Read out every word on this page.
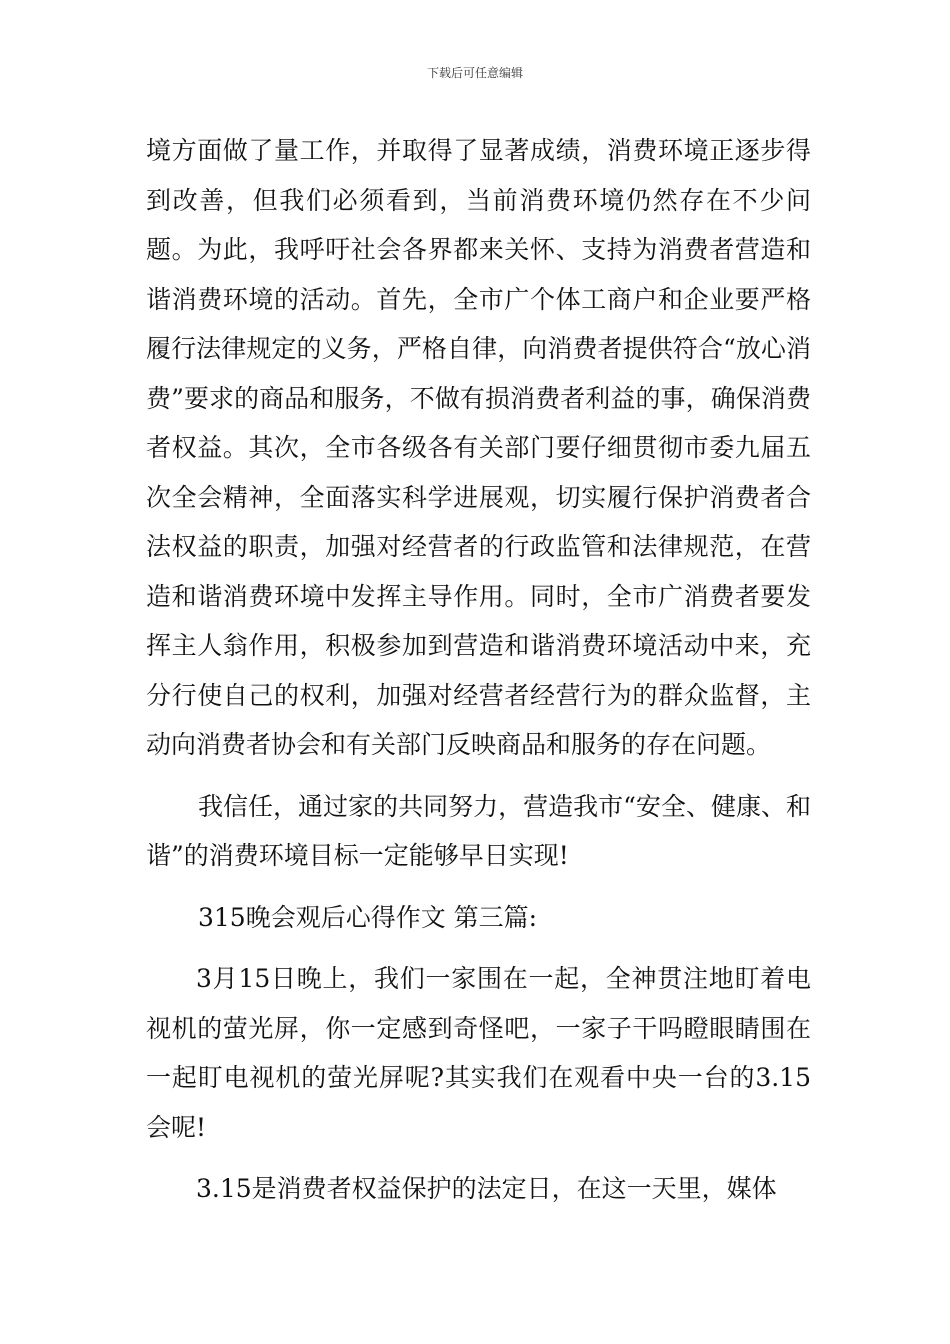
下载后可任意编辑

境方面做了量工作，并取得了显著成绩，消费环境正逐步得到改善，但我们必须看到，当前消费环境仍然存在不少问题。为此，我呼吁社会各界都来关怀、支持为消费者营造和谐消费环境的活动。首先，全市广个体工商户和企业要严格履行法律规定的义务，严格自律，向消费者提供符合“放心消费”要求的商品和服务，不做有损消费者利益的事，确保消费者权益。其次，全市各级各有关部门要仔细贯彻市委九届五次全会精神，全面落实科学进展观，切实履行保护消费者合法权益的职责，加强对经营者的行政监管和法律规范，在营造和谐消费环境中发挥主导作用。同时，全市广消费者要发挥主人翁作用，积极参加到营造和谐消费环境活动中来，充分行使自己的权利，加强对经营者经营行为的群众监督，主动向消费者协会和有关部门反映商品和服务的存在问题。

我信任，通过家的共同努力，营造我市“安全、健康、和谐”的消费环境目标一定能够早日实现!

315晚会观后心得作文 第三篇:

3月15日晚上，我们一家围在一起，全神贯注地盯着电视机的萤光屏，你一定感到奇怪吧，一家子干吗瞪眼睛围在一起盯电视机的萤光屏呢?其实我们在观看中央一台的3.15会呢!

3.15是消费者权益保护的法定日，在这一天里，媒体
